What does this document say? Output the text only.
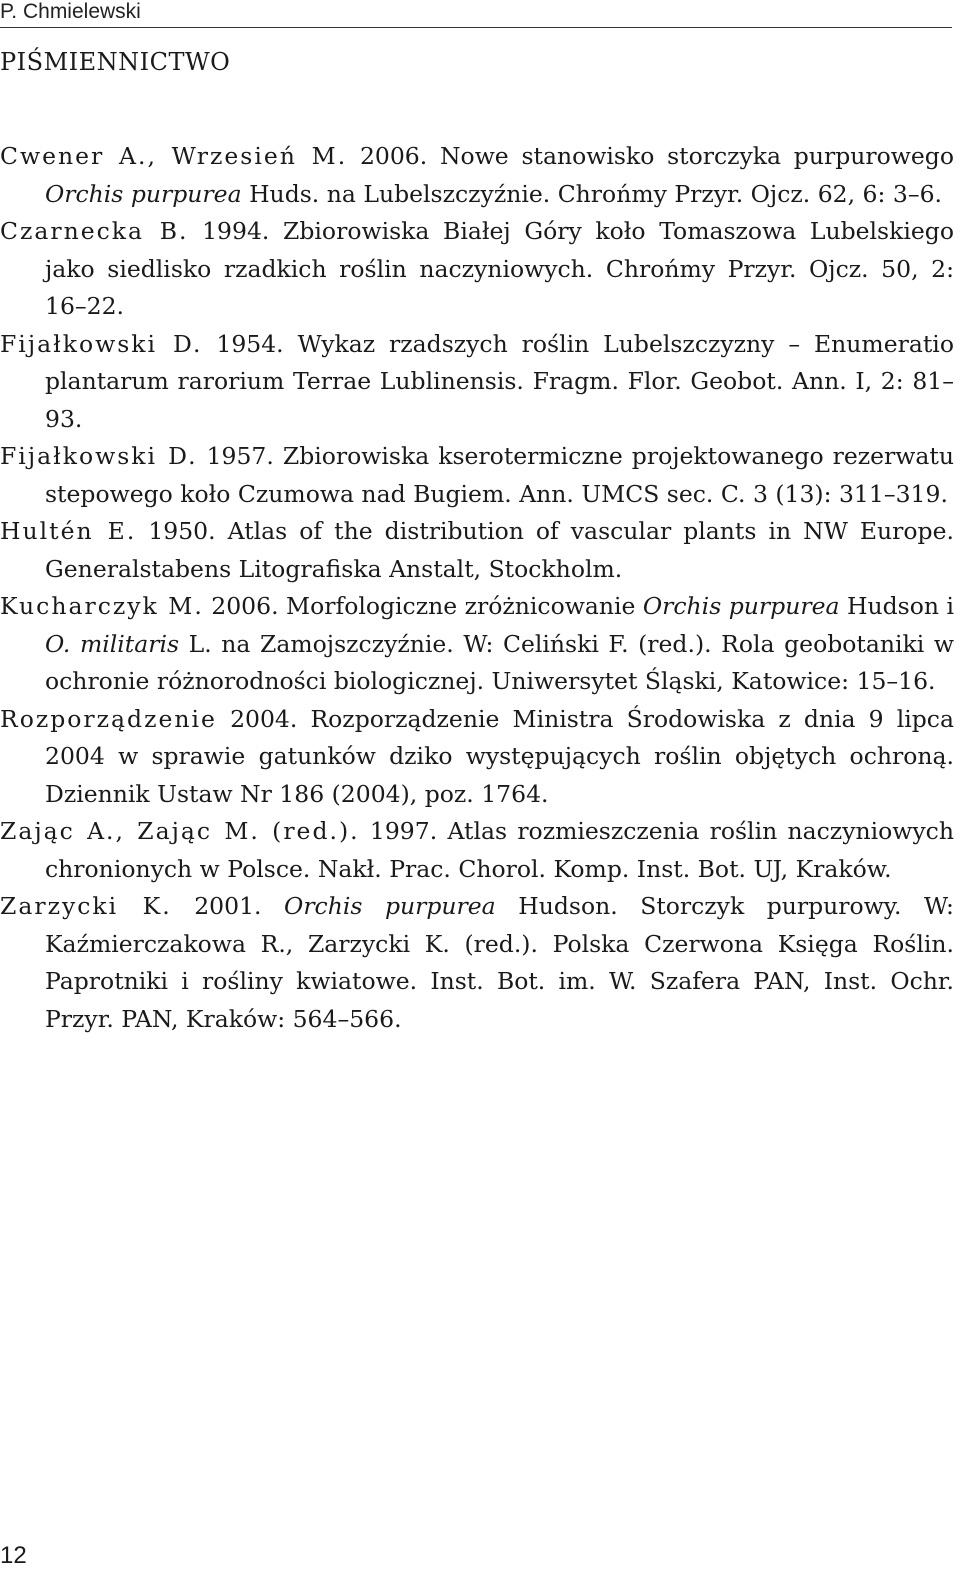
P. Chmielewski
PIŚMIENNICTWO
Cwener A., Wrzesień M. 2006. Nowe stanowisko storczyka purpurowego Orchis purpurea Huds. na Lubelszczyźnie. Chrońmy Przyr. Ojcz. 62, 6: 3–6.
Czarnecka B. 1994. Zbiorowiska Białej Góry koło Tomaszowa Lubelskiego jako siedlisko rzadkich roślin naczyniowych. Chrońmy Przyr. Ojcz. 50, 2: 16–22.
Fijałkowski D. 1954. Wykaz rzadszych roślin Lubelszczyzny – Enumeratio plantarum rarorium Terrae Lublinensis. Fragm. Flor. Geobot. Ann. I, 2: 81–93.
Fijałkowski D. 1957. Zbiorowiska kserotermiczne projektowanego rezerwatu stepowego koło Czumowa nad Bugiem. Ann. UMCS sec. C. 3 (13): 311–319.
Hultén E. 1950. Atlas of the distribution of vascular plants in NW Europe. Generalstabens Litografiska Anstalt, Stockholm.
Kucharczyk M. 2006. Morfologiczne zróżnicowanie Orchis purpurea Hudson i O. militaris L. na Zamojszczyźnie. W: Celiński F. (red.). Rola geobotaniki w ochronie różnorodności biologicznej. Uniwersytet Śląski, Katowice: 15–16.
Rozporządzenie 2004. Rozporządzenie Ministra Środowiska z dnia 9 lipca 2004 w sprawie gatunków dziko występujących roślin objętych ochroną. Dziennik Ustaw Nr 186 (2004), poz. 1764.
Zając A., Zając M. (red.). 1997. Atlas rozmieszczenia roślin naczyniowych chronionych w Polsce. Nakł. Prac. Chorol. Komp. Inst. Bot. UJ, Kraków.
Zarzycki K. 2001. Orchis purpurea Hudson. Storczyk purpurowy. W: Kaźmierczakowa R., Zarzycki K. (red.). Polska Czerwona Księga Roślin. Paprotniki i rośliny kwiatowe. Inst. Bot. im. W. Szafera PAN, Inst. Ochr. Przyr. PAN, Kraków: 564–566.
12
